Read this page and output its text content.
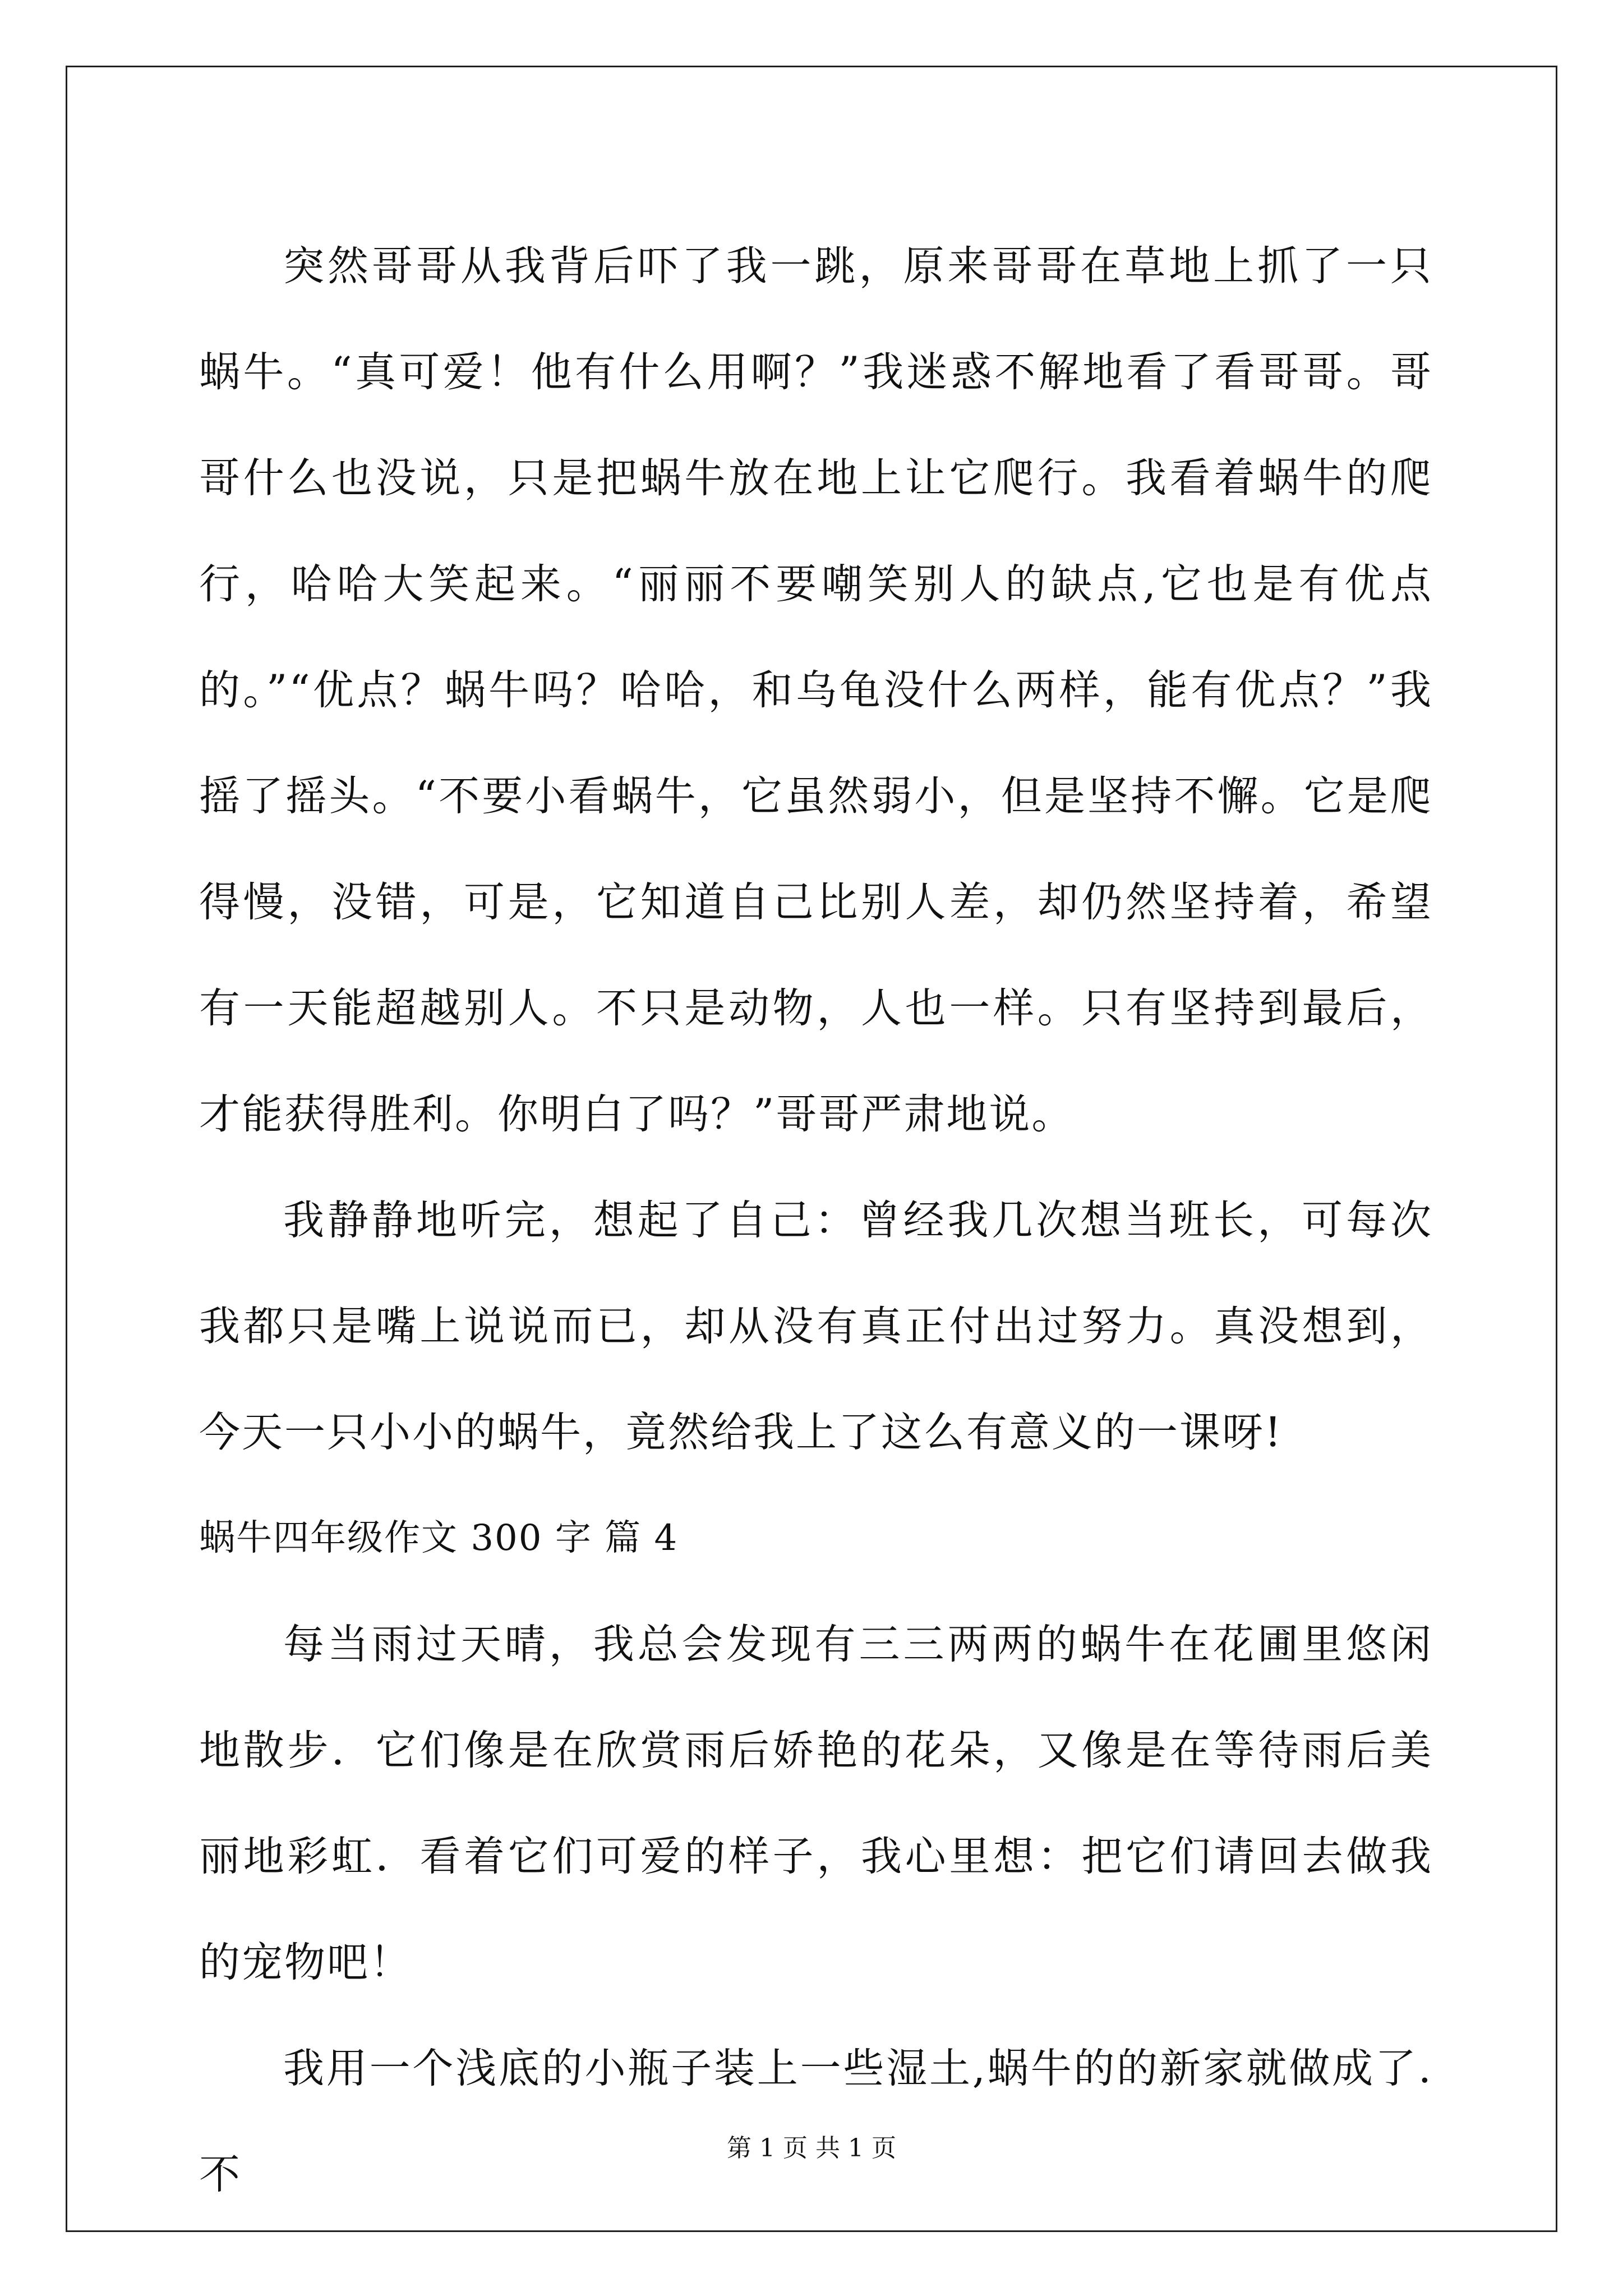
突然哥哥从我背后吓了我一跳，原来哥哥在草地上抓了一只蜗牛。“真可爱！他有什么用啊？”我迷惑不解地看了看哥哥。哥哥什么也没说，只是把蜗牛放在地上让它爬行。我看着蜗牛的爬行，哈哈大笑起来。“丽丽不要嘲笑别人的缺点,它也是有优点的。”“优点？蜗牛吗？哈哈，和乌龟没什么两样，能有优点？”我摇了摇头。“不要小看蜗牛，它虽然弱小，但是坚持不懈。它是爬得慢，没错，可是，它知道自己比别人差，却仍然坚持着，希望有一天能超越别人。不只是动物，人也一样。只有坚持到最后，才能获得胜利。你明白了吗？”哥哥严肃地说。

我静静地听完，想起了自己：曾经我几次想当班长，可每次我都只是嘴上说说而已，却从没有真正付出过努力。真没想到，今天一只小小的蜗牛，竟然给我上了这么有意义的一课呀!

蜗牛四年级作文 300 字 篇 4

每当雨过天晴，我总会发现有三三两两的蜗牛在花圃里悠闲地散步．它们像是在欣赏雨后娇艳的花朵，又像是在等待雨后美丽地彩虹．看着它们可爱的样子，我心里想：把它们请回去做我的宠物吧！

我用一个浅底的小瓶子装上一些湿土,蜗牛的的新家就做成了.不

第 1 页 共 1 页
